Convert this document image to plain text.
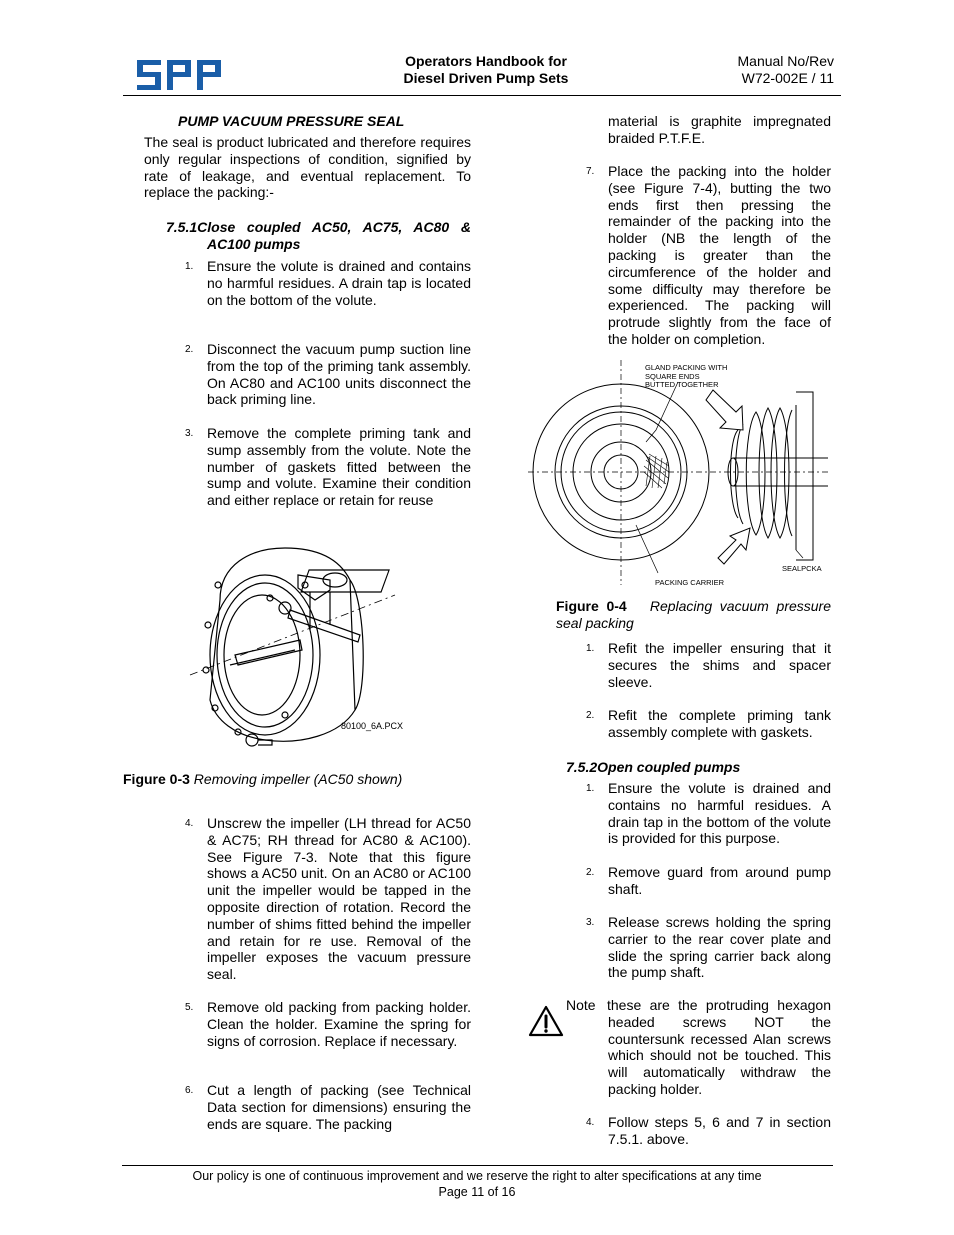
Operators Handbook for
Diesel Driven Pump Sets
Manual No/Rev
W72-002E / 11
PUMP VACUUM PRESSURE SEAL
The seal is product lubricated and therefore requires only regular inspections of condition, signified by rate of leakage, and eventual replacement. To replace the packing:-
7.5.1Close coupled AC50, AC75, AC80 &
AC100 pumps
1. Ensure the volute is drained and contains no harmful residues. A drain tap is located on the bottom of the volute.
2. Disconnect the vacuum pump suction line from the top of the priming tank assembly. On AC80 and AC100 units disconnect the back priming line.
3. Remove the complete priming tank and sump assembly from the volute. Note the number of gaskets fitted between the sump and volute. Examine their condition and either replace or retain for reuse
80100_6A.PCX
Figure 0-3 Removing impeller (AC50 shown)
4. Unscrew the impeller (LH thread for AC50 & AC75; RH thread for AC80 & AC100). See Figure 7-3. Note that this figure shows a AC50 unit. On an AC80 or AC100 unit the impeller would be tapped in the opposite direction of rotation. Record the number of shims fitted behind the impeller and retain for re use. Removal of the impeller exposes the vacuum pressure seal.
5. Remove old packing from packing holder. Clean the holder. Examine the spring for signs of corrosion. Replace if necessary.
6. Cut a length of packing (see Technical Data section for dimensions) ensuring the ends are square. The packing
material is graphite impregnated braided P.T.F.E.
7. Place the packing into the holder (see Figure 7-4), butting the two ends first then pressing the remainder of the packing into the holder (NB the length of the packing is greater than the circumference of the holder and some difficulty may therefore be experienced. The packing will protrude slightly from the face of the holder on completion.
GLAND PACKING WITH
SQUARE ENDS
BUTTED TOGETHER
PACKING CARRIER
SEALPCKA
Figure 0-4 Replacing vacuum pressure seal packing
1. Refit the impeller ensuring that it secures the shims and spacer sleeve.
2. Refit the complete priming tank assembly complete with gaskets.
7.5.2Open coupled pumps
1. Ensure the volute is drained and contains no harmful residues. A drain tap in the bottom of the volute is provided for this purpose.
2. Remove guard from around pump shaft.
3. Release screws holding the spring carrier to the rear cover plate and slide the spring carrier back along the pump shaft.
Note these are the protruding hexagon headed screws NOT the countersunk recessed Alan screws which should not be touched. This will automatically withdraw the packing holder.
4. Follow steps 5, 6 and 7 in section 7.5.1. above.
Our policy is one of continuous improvement and we reserve the right to alter specifications at any time
Page 11 of 16
